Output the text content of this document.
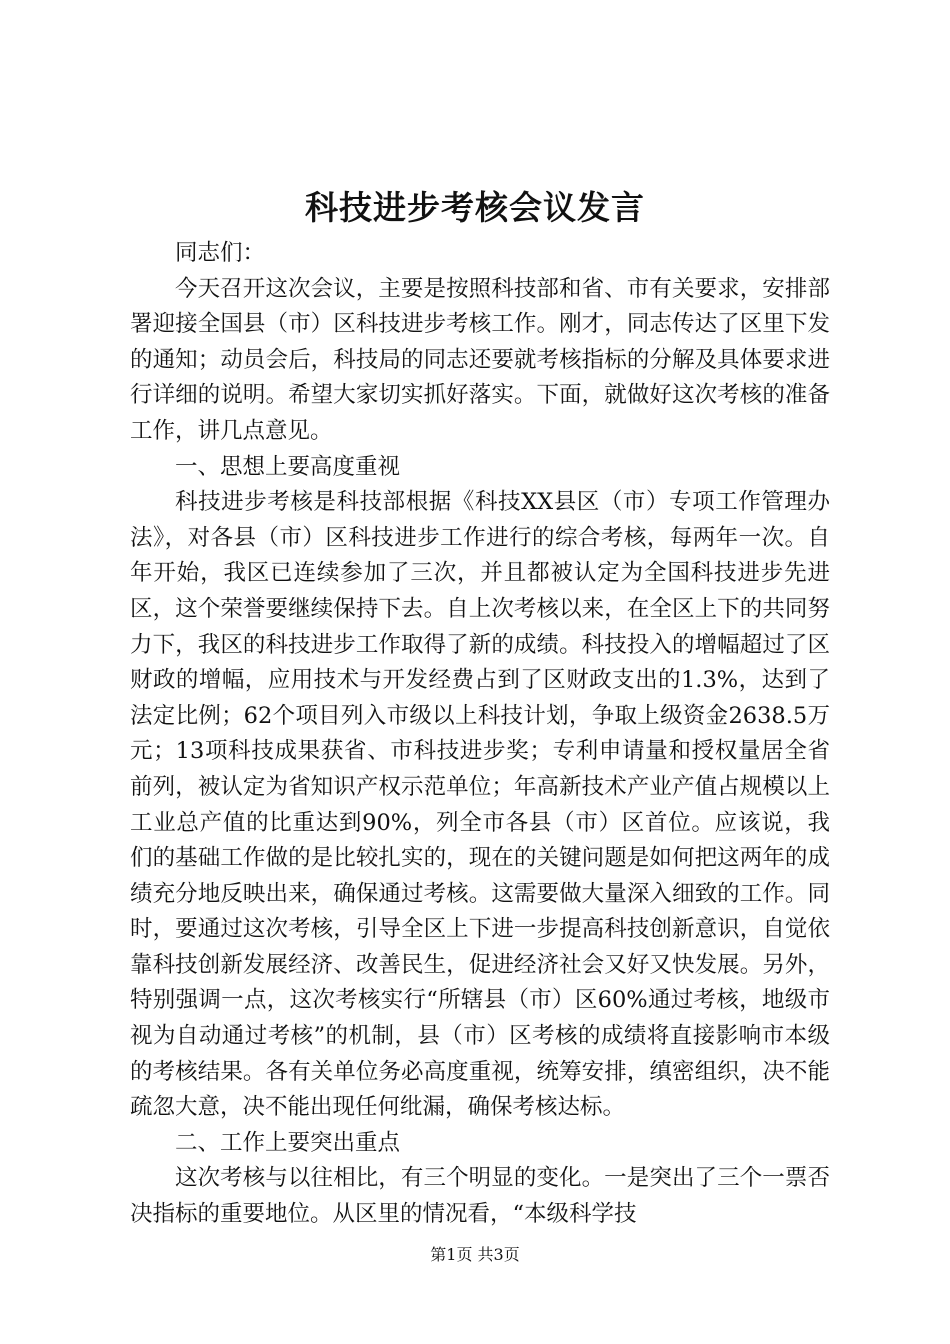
科技进步考核会议发言

同志们：

今天召开这次会议，主要是按照科技部和省、市有关要求，安排部署迎接全国县（市）区科技进步考核工作。刚才，同志传达了区里下发的通知；动员会后，科技局的同志还要就考核指标的分解及具体要求进行详细的说明。希望大家切实抓好落实。下面，就做好这次考核的准备工作，讲几点意见。

一、思想上要高度重视

科技进步考核是科技部根据《科技XX县区（市）专项工作管理办法》，对各县（市）区科技进步工作进行的综合考核，每两年一次。自年开始，我区已连续参加了三次，并且都被认定为全国科技进步先进区，这个荣誉要继续保持下去。自上次考核以来，在全区上下的共同努力下，我区的科技进步工作取得了新的成绩。科技投入的增幅超过了区财政的增幅，应用技术与开发经费占到了区财政支出的1.3%，达到了法定比例；62个项目列入市级以上科技计划，争取上级资金2638.5万元；13项科技成果获省、市科技进步奖；专利申请量和授权量居全省前列，被认定为省知识产权示范单位；年高新技术产业产值占规模以上工业总产值的比重达到90%，列全市各县（市）区首位。应该说，我们的基础工作做的是比较扎实的，现在的关键问题是如何把这两年的成绩充分地反映出来，确保通过考核。这需要做大量深入细致的工作。同时，要通过这次考核，引导全区上下进一步提高科技创新意识，自觉依靠科技创新发展经济、改善民生，促进经济社会又好又快发展。另外，特别强调一点，这次考核实行“所辖县（市）区60%通过考核，地级市视为自动通过考核”的机制，县（市）区考核的成绩将直接影响市本级的考核结果。各有关单位务必高度重视，统筹安排，缜密组织，决不能疏忽大意，决不能出现任何纰漏，确保考核达标。

二、工作上要突出重点

这次考核与以往相比，有三个明显的变化。一是突出了三个一票否决指标的重要地位。从区里的情况看，“本级科学技

第1页 共3页
